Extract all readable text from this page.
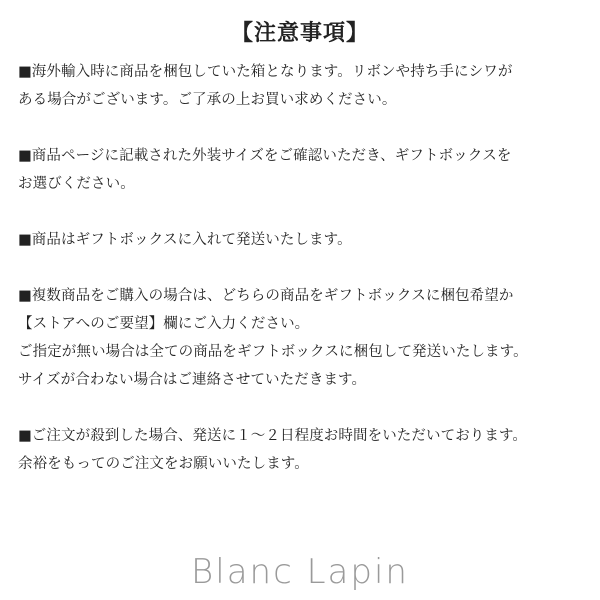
【注意事項】
■海外輸入時に商品を梱包していた箱となります。リボンや持ち手にシワが
ある場合がございます。ご了承の上お買い求めください。
■商品ページに記載された外装サイズをご確認いただき、ギフトボックスを
お選びください。
■商品はギフトボックスに入れて発送いたします。
■複数商品をご購入の場合は、どちらの商品をギフトボックスに梱包希望か
【ストアへのご要望】欄にご入力ください。
ご指定が無い場合は全ての商品をギフトボックスに梱包して発送いたします。
サイズが合わない場合はご連絡させていただきます。
■ご注文が殺到した場合、発送に１～２日程度お時間をいただいております。
余裕をもってのご注文をお願いいたします。
Blanc Lapin
